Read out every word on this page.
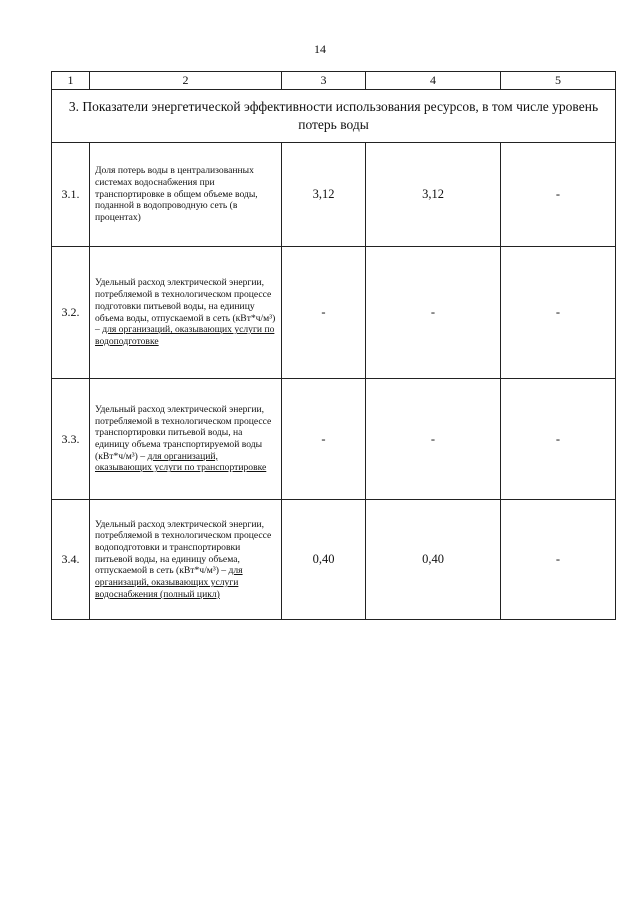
14
1	2	3	4	5
3. Показатели энергетической эффективности использования ресурсов, в том числе уровень потерь воды				
3.1.	Доля потерь воды в централизованных системах водоснабжения при транспортировке в общем объеме воды, поданной в водопроводную сеть (в процентах)	3,12	3,12	-
3.2.	Удельный расход электрической энергии, потребляемой в технологическом процессе подготовки питьевой воды, на единицу объема воды, отпускаемой в сеть (кВт*ч/м³) – для организаций, оказывающих услуги по водоподготовке	-	-	-
3.3.	Удельный расход электрической энергии, потребляемой в технологическом процессе транспортировки питьевой воды, на единицу объема транспортируемой воды (кВт*ч/м³) – для организаций, оказывающих услуги по транспортировке	-	-	-
3.4.	Удельный расход электрической энергии, потребляемой в технологическом процессе водоподготовки и транспортировки питьевой воды, на единицу объема, отпускаемой в сеть (кВт*ч/м³) – для организаций, оказывающих услуги водоснабжения (полный цикл)	0,40	0,40	-
